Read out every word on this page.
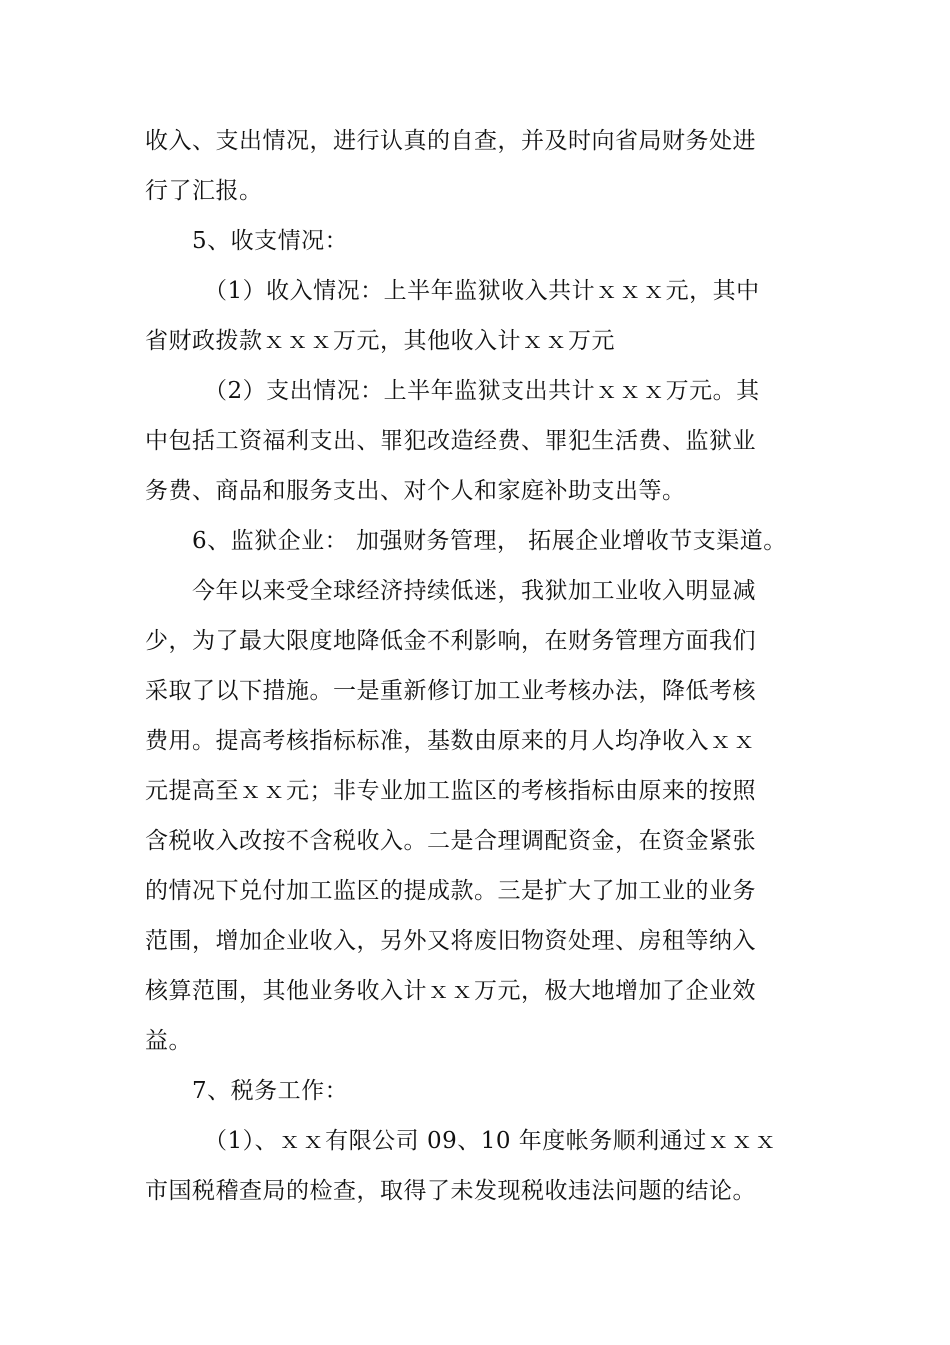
收入、支出情况，进行认真的自查，并及时向省局财务处进
行了汇报。
5、收支情况：
（1）收入情况：上半年监狱收入共计ｘｘｘ元，其中
省财政拨款ｘｘｘ万元，其他收入计ｘｘ万元
（2）支出情况：上半年监狱支出共计ｘｘｘ万元。其
中包括工资福利支出、罪犯改造经费、罪犯生活费、监狱业
务费、商品和服务支出、对个人和家庭补助支出等。
6、监狱企业： 加强财务管理， 拓展企业增收节支渠道。
今年以来受全球经济持续低迷，我狱加工业收入明显减
少，为了最大限度地降低金不利影响，在财务管理方面我们
采取了以下措施。一是重新修订加工业考核办法，降低考核
费用。提高考核指标标准，基数由原来的月人均净收入ｘｘ
元提高至ｘｘ元；非专业加工监区的考核指标由原来的按照
含税收入改按不含税收入。二是合理调配资金，在资金紧张
的情况下兑付加工监区的提成款。三是扩大了加工业的业务
范围，增加企业收入，另外又将废旧物资处理、房租等纳入
核算范围，其他业务收入计ｘｘ万元，极大地增加了企业效
益。
7、税务工作：
（1）、ｘｘ有限公司 09、10 年度帐务顺利通过ｘｘｘ
市国税稽查局的检查，取得了未发现税收违法问题的结论。
